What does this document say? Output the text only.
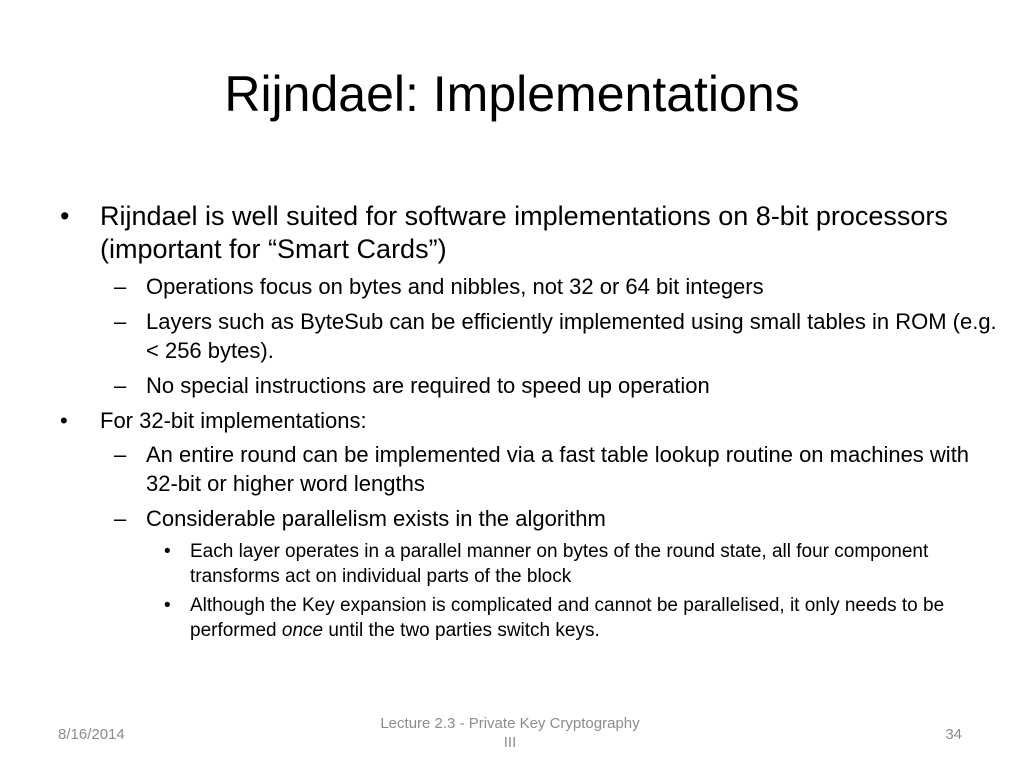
Rijndael: Implementations
• Rijndael is well suited for software implementations on 8-bit processors (important for “Smart Cards”)
– Operations focus on bytes and nibbles, not 32 or 64 bit integers
– Layers such as ByteSub can be efficiently implemented using small tables in ROM (e.g. < 256 bytes).
– No special instructions are required to speed up operation
• For 32-bit implementations:
– An entire round can be implemented via a fast table lookup routine on machines with 32-bit or higher word lengths
– Considerable parallelism exists in the algorithm
• Each layer operates in a parallel manner on bytes of the round state, all four component transforms act on individual parts of the block
• Although the Key expansion is complicated and cannot be parallelised, it only needs to be performed once until the two parties switch keys.
8/16/2014
Lecture 2.3 - Private Key Cryptography
III	34
